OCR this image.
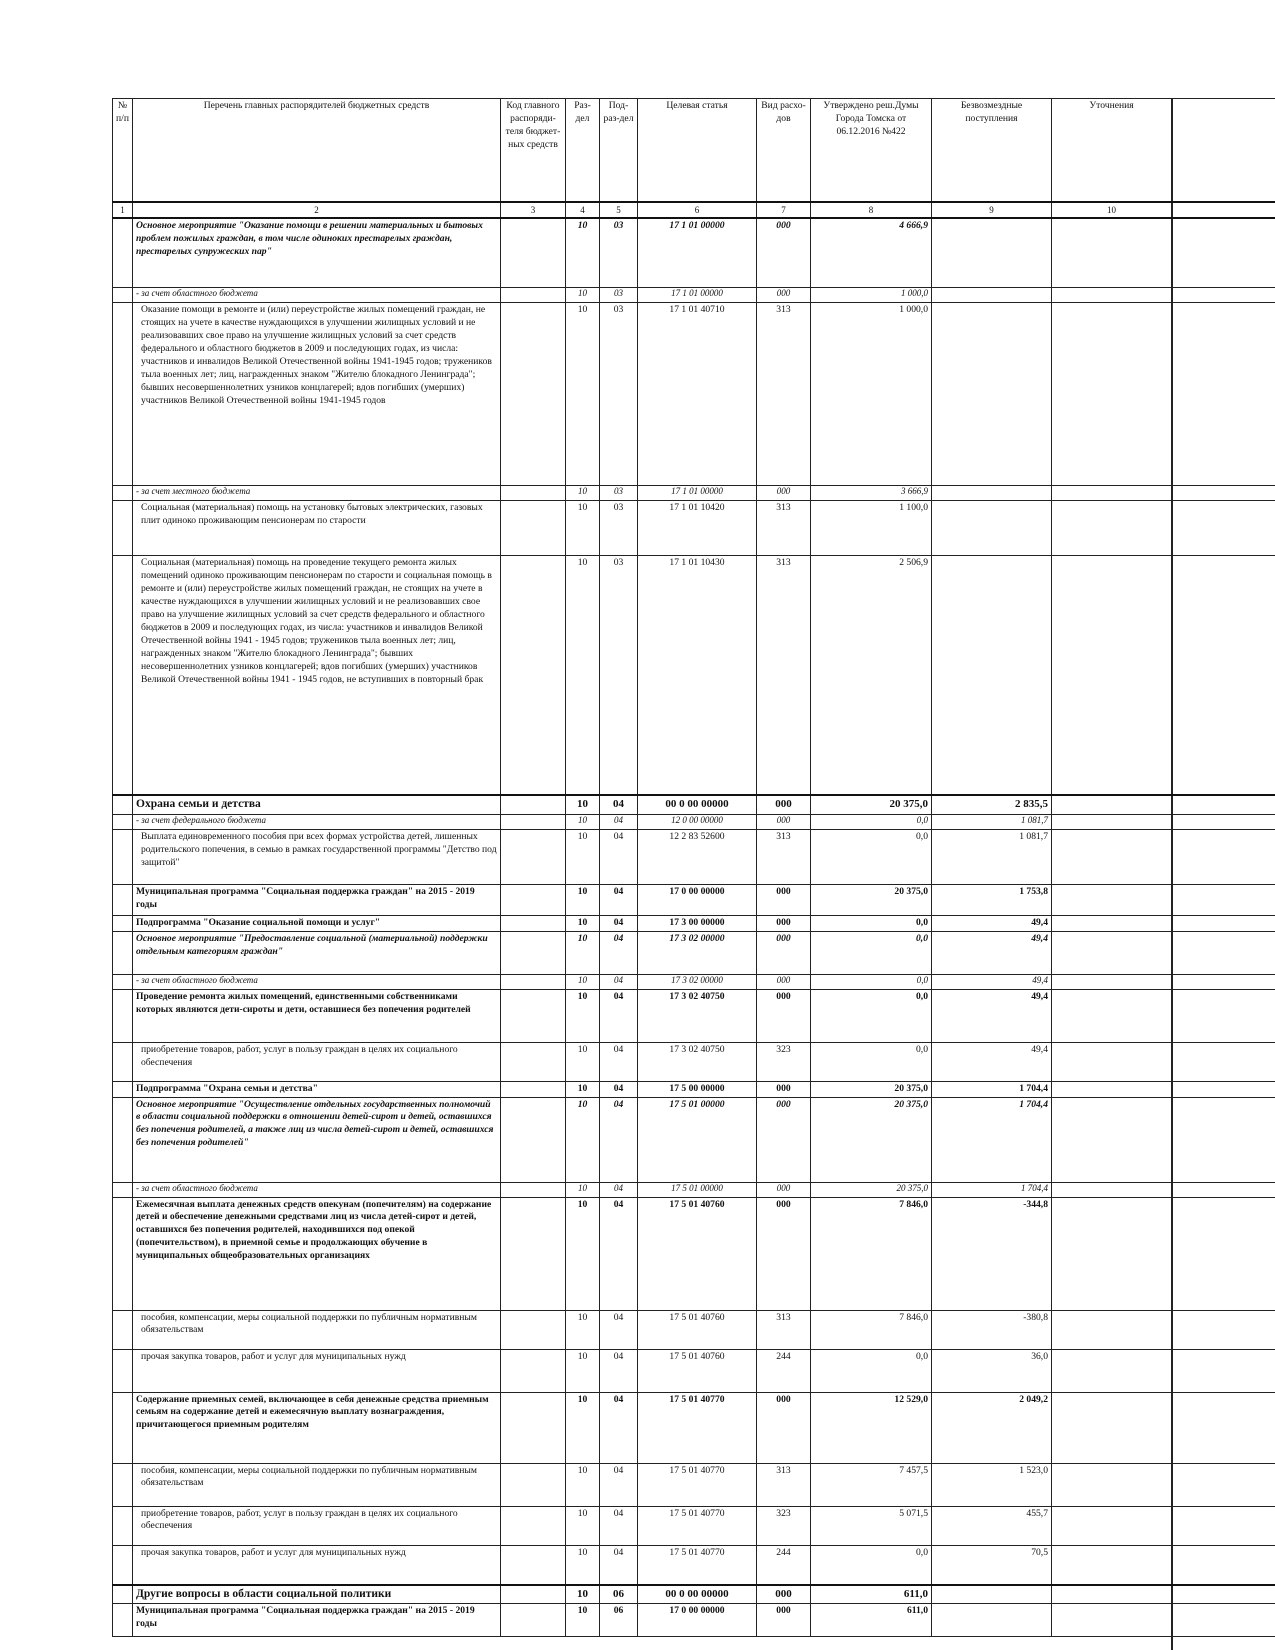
№ п/п	Перечень главных распорядителей бюджетных средств	Код главного распоряди-теля бюджет-ных средств	Раз-дел	Под-раз-дел	Целевая статья	Вид расхо-дов	Утверждено реш.Думы Города Томска от 06.12.2016 №422	Безвозмездные поступления	Уточнения	
1	2	3	4	5	6	7	8	9	10	
	Основное мероприятие "Оказание помощи в решении материальных и бытовых проблем пожилых граждан, в том числе одиноких престарелых граждан, престарелых супружеских пар"		10	03	17 1 01 00000	000	4 666,9			
	- за счет областного бюджета		10	03	17 1 01 00000	000	1 000,0			
	Оказание помощи в ремонте и (или) переустройстве жилых помещений граждан, не стоящих на учете в качестве нуждающихся в улучшении жилищных условий и не реализовавших свое право на улучшение жилищных условий за счет средств федерального и областного бюджетов в 2009 и последующих годах, из числа: участников и инвалидов Великой Отечественной войны 1941-1945 годов; тружеников тыла военных лет; лиц, награжденных знаком "Жителю блокадного Ленинграда"; бывших несовершеннолетних узников концлагерей; вдов погибших (умерших) участников Великой Отечественной войны 1941-1945 годов		10	03	17 1 01 40710	313	1 000,0			
	- за счет местного бюджета		10	03	17 1 01 00000	000	3 666,9			
	Социальная (материальная) помощь на установку бытовых электрических, газовых плит одиноко проживающим пенсионерам по старости		10	03	17 1 01 10420	313	1 100,0			
	Социальная (материальная) помощь на проведение текущего ремонта жилых помещений одиноко проживающим пенсионерам по старости и социальная помощь в ремонте и (или) переустройстве жилых помещений граждан, не стоящих на учете в качестве нуждающихся в улучшении жилищных условий и не реализовавших свое право на улучшение жилищных условий за счет средств федерального и областного бюджетов в 2009 и последующих годах, из числа: участников и инвалидов Великой Отечественной войны 1941 - 1945 годов; тружеников тыла военных лет; лиц, награжденных знаком "Жителю блокадного Ленинграда"; бывших несовершеннолетних узников концлагерей; вдов погибших (умерших) участников Великой Отечественной войны 1941 - 1945 годов, не вступивших в повторный брак		10	03	17 1 01 10430	313	2 506,9			
	Охрана семьи и детства		10	04	00 0 00 00000	000	20 375,0	2 835,5		
	- за счет федерального бюджета		10	04	12 0 00 00000	000	0,0	1 081,7		
	Выплата единовременного пособия при всех формах устройства детей, лишенных родительского попечения, в семью в рамках государственной программы "Детство под защитой"		10	04	12 2 83 52600	313	0,0	1 081,7		
	Муниципальная программа "Социальная поддержка граждан" на 2015 - 2019 годы		10	04	17 0 00 00000	000	20 375,0	1 753,8		
	Подпрограмма "Оказание социальной помощи и услуг"		10	04	17 3 00 00000	000	0,0	49,4		
	Основное мероприятие "Предоставление социальной (материальной) поддержки отдельным категориям граждан"		10	04	17 3 02 00000	000	0,0	49,4		
	- за счет областного бюджета		10	04	17 3 02 00000	000	0,0	49,4		
	Проведение ремонта жилых помещений, единственными собственниками которых являются дети-сироты и дети, оставшиеся без попечения родителей		10	04	17 3 02 40750	000	0,0	49,4		
	приобретение товаров, работ, услуг в пользу граждан в целях их социального обеспечения		10	04	17 3 02 40750	323	0,0	49,4		
	Подпрограмма "Охрана семьи и детства"		10	04	17 5 00 00000	000	20 375,0	1 704,4		
	Основное мероприятие "Осуществление отдельных государственных полномочий в области социальной поддержки в отношении детей-сирот и детей, оставшихся без попечения родителей, а также лиц из числа детей-сирот и детей, оставшихся без попечения родителей"		10	04	17 5 01 00000	000	20 375,0	1 704,4		
	- за счет областного бюджета		10	04	17 5 01 00000	000	20 375,0	1 704,4		
	Ежемесячная выплата денежных средств опекунам (попечителям) на содержание детей и обеспечение денежными средствами лиц из числа детей-сирот и детей, оставшихся без попечения родителей, находившихся под опекой (попечительством), в приемной семье и продолжающих обучение в муниципальных общеобразовательных организациях		10	04	17 5 01 40760	000	7 846,0	-344,8		
	пособия, компенсации, меры социальной поддержки по публичным нормативным обязательствам		10	04	17 5 01 40760	313	7 846,0	-380,8		
	прочая закупка товаров, работ и услуг для муниципальных нужд		10	04	17 5 01 40760	244	0,0	36,0		
	Содержание приемных семей, включающее в себя денежные средства приемным семьям на содержание детей и ежемесячную выплату вознаграждения, причитающегося приемным родителям		10	04	17 5 01 40770	000	12 529,0	2 049,2		
	пособия, компенсации, меры социальной поддержки по публичным нормативным обязательствам		10	04	17 5 01 40770	313	7 457,5	1 523,0		
	приобретение товаров, работ, услуг в пользу граждан в целях их социального обеспечения		10	04	17 5 01 40770	323	5 071,5	455,7		
	прочая закупка товаров, работ и услуг для муниципальных нужд		10	04	17 5 01 40770	244	0,0	70,5		
	Другие вопросы в области социальной политики		10	06	00 0 00 00000	000	611,0			
	Муниципальная программа "Социальная поддержка граждан" на 2015 - 2019 годы		10	06	17 0 00 00000	000	611,0			
